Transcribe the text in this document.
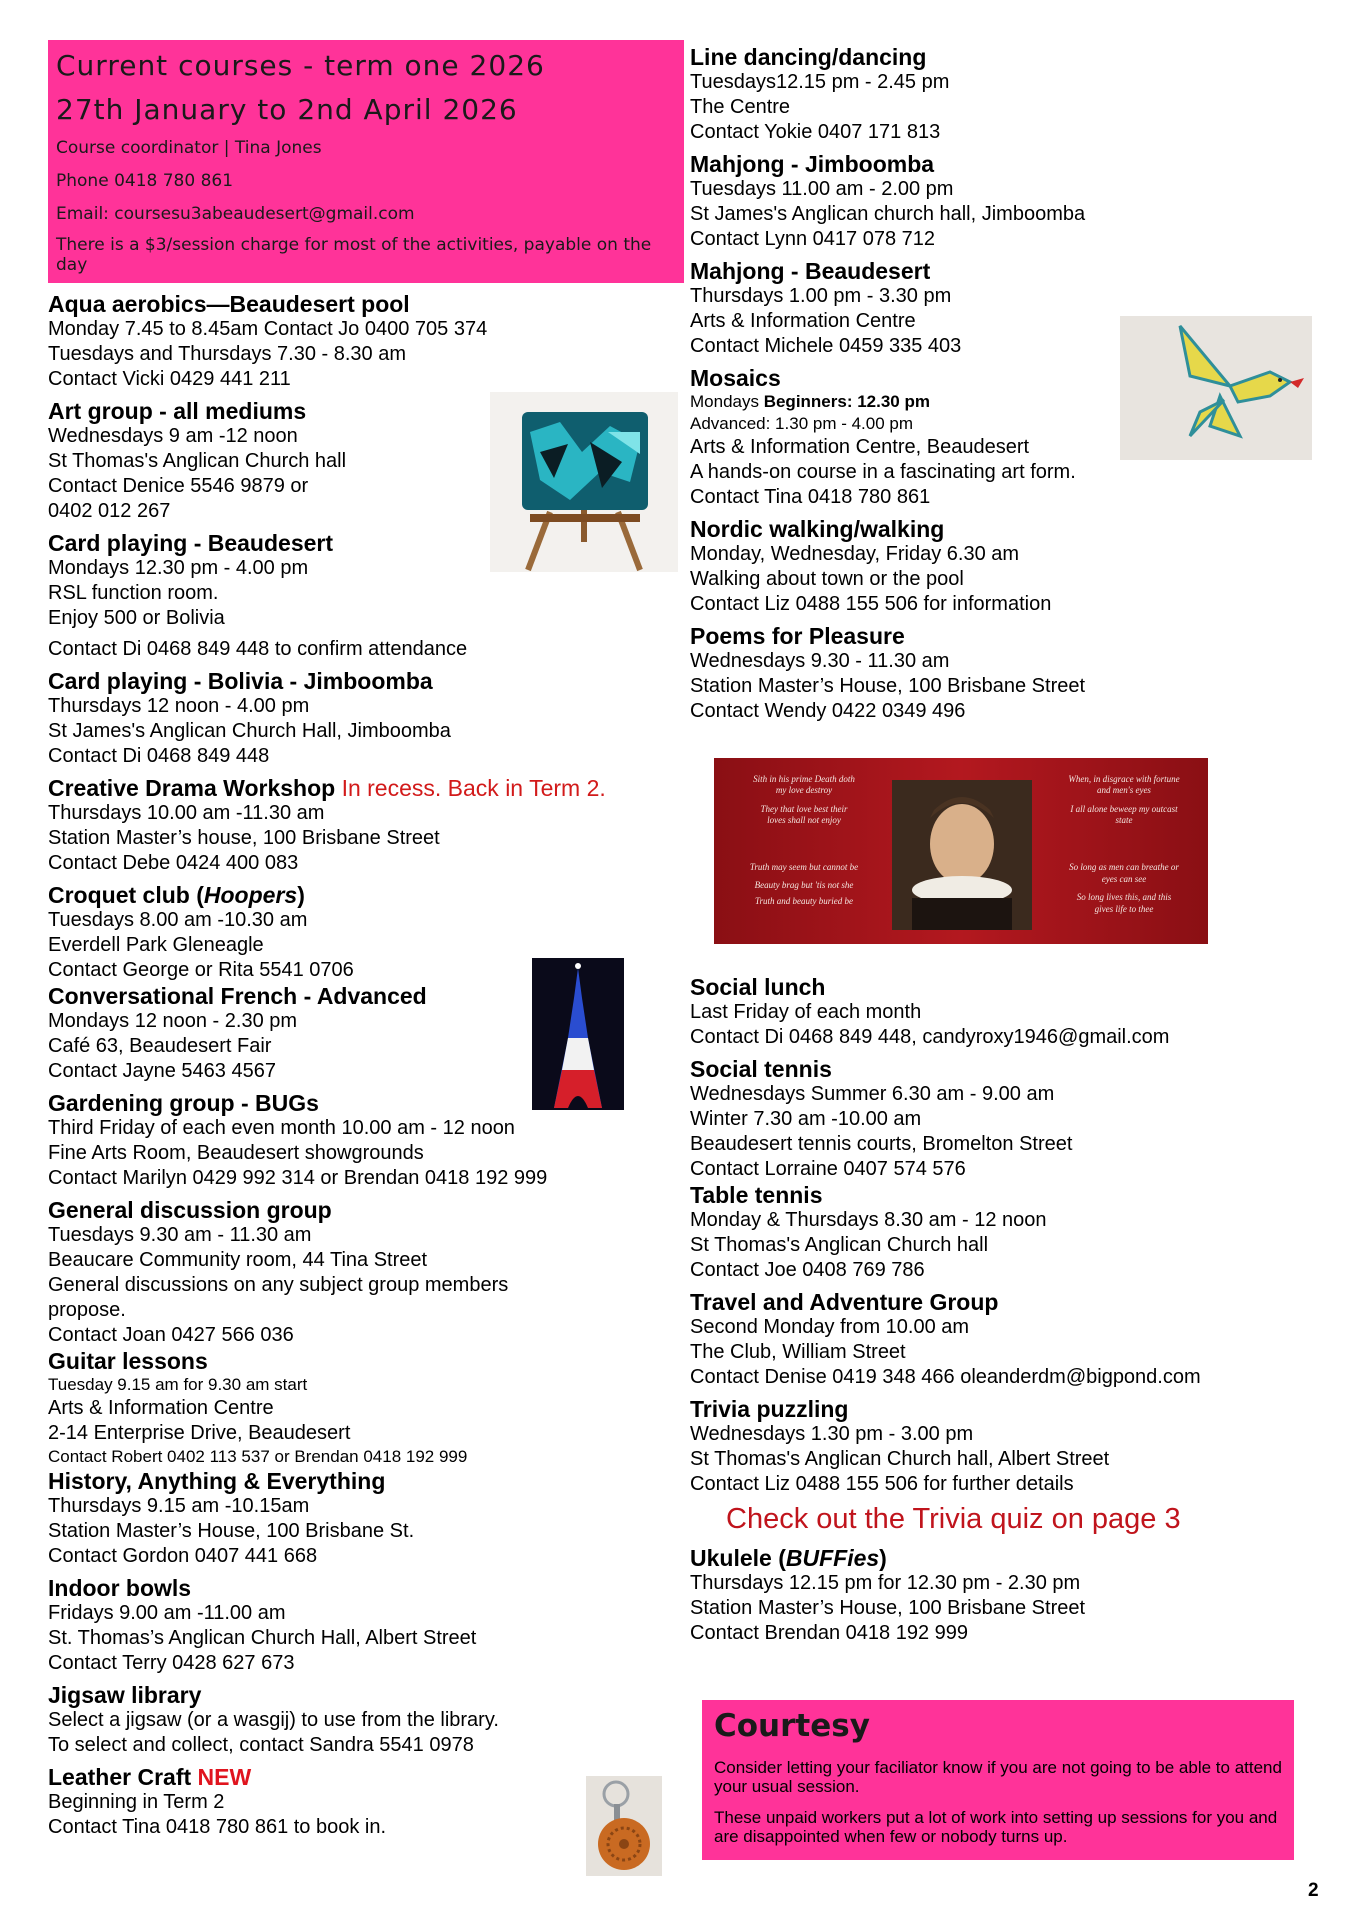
Current courses - term one 2026
27th January to 2nd April 2026
Course coordinator | Tina Jones
Phone 0418 780 861
Email: coursesu3abeaudesert@gmail.com
There is a $3/session charge for most of the activities, payable on the day
Aqua aerobics—Beaudesert pool
Monday 7.45 to 8.45am Contact Jo 0400 705 374
Tuesdays and Thursdays 7.30 - 8.30 am
Contact Vicki 0429 441 211
Art group - all mediums
Wednesdays 9 am -12 noon
St Thomas's Anglican Church hall
Contact Denice 5546 9879 or
0402 012 267
Card playing - Beaudesert
Mondays 12.30 pm - 4.00 pm
RSL function room.
Enjoy 500 or Bolivia
Contact Di 0468 849 448 to confirm attendance
Card playing - Bolivia - Jimboomba
Thursdays 12 noon - 4.00 pm
St James's Anglican Church Hall, Jimboomba
Contact Di 0468 849 448
Creative Drama Workshop In recess. Back in Term 2.
Thursdays 10.00 am -11.30 am
Station Master’s house, 100 Brisbane Street
Contact Debe 0424 400 083
Croquet club (Hoopers)
Tuesdays 8.00 am -10.30 am
Everdell Park Gleneagle
Contact George or Rita 5541 0706
Conversational French - Advanced
Mondays 12 noon - 2.30 pm
Café 63, Beaudesert Fair
Contact Jayne 5463 4567
Gardening group - BUGs
Third Friday of each even month 10.00 am - 12 noon
Fine Arts Room, Beaudesert showgrounds
Contact Marilyn 0429 992 314 or Brendan 0418 192 999
General discussion group
Tuesdays 9.30 am - 11.30 am
Beaucare Community room, 44 Tina Street
General discussions on any subject group members
propose.
Contact Joan 0427 566 036
Guitar lessons
Tuesday 9.15 am for 9.30 am start
Arts & Information Centre
2-14 Enterprise Drive, Beaudesert
Contact Robert 0402 113 537 or Brendan 0418 192 999
History, Anything & Everything
Thursdays 9.15 am -10.15am
Station Master’s House, 100 Brisbane St.
Contact Gordon 0407 441 668
Indoor bowls
Fridays 9.00 am -11.00 am
St. Thomas’s Anglican Church Hall, Albert Street
Contact Terry 0428 627 673
Jigsaw library
Select a jigsaw (or a wasgij) to use from the library.
To select and collect, contact Sandra 5541 0978
Leather Craft NEW
Beginning in Term 2
Contact Tina 0418 780 861 to book in.
Line dancing/dancing
Tuesdays12.15 pm - 2.45 pm
The Centre
Contact Yokie 0407 171 813
Mahjong - Jimboomba
Tuesdays 11.00 am - 2.00 pm
St James's Anglican church hall, Jimboomba
Contact Lynn 0417 078 712
Mahjong - Beaudesert
Thursdays 1.00 pm - 3.30 pm
Arts & Information Centre
Contact Michele 0459 335 403
Mosaics
Mondays Beginners: 12.30 pm
Advanced: 1.30 pm - 4.00 pm
Arts & Information Centre, Beaudesert
A hands-on course in a fascinating art form.
Contact Tina 0418 780 861
Nordic walking/walking
Monday, Wednesday, Friday 6.30 am
Walking about town or the pool
Contact Liz 0488 155 506 for information
Poems for Pleasure
Wednesdays 9.30 - 11.30 am
Station Master’s House, 100 Brisbane Street
Contact Wendy 0422 0349 496
Social lunch
Last Friday of each month
Contact Di 0468 849 448, candyroxy1946@gmail.com
Social tennis
Wednesdays Summer 6.30 am - 9.00 am
Winter 7.30 am -10.00 am
Beaudesert tennis courts, Bromelton Street
Contact Lorraine 0407 574 576
Table tennis
Monday & Thursdays 8.30 am - 12 noon
St Thomas's Anglican Church hall
Contact Joe 0408 769 786
Travel and Adventure Group
Second Monday from 10.00 am
The Club, William Street
Contact Denise 0419 348 466 oleanderdm@bigpond.com
Trivia puzzling
Wednesdays 1.30 pm - 3.00 pm
St Thomas's Anglican Church hall, Albert Street
Contact Liz 0488 155 506 for further details
Check out the Trivia quiz on page 3
Ukulele (BUFFies)
Thursdays 12.15 pm for 12.30 pm - 2.30 pm
Station Master’s House, 100 Brisbane Street
Contact Brendan 0418 192 999
Sith in his prime Death doth
my love destroy
They that love best their
loves shall not enjoy
Truth may seem but cannot be
Beauty brag but 'tis not she
Truth and beauty buried be
When, in disgrace with fortune
and men's eyes
I all alone beweep my outcast
state
So long as men can breathe or
eyes can see
So long lives this, and this
gives life to thee
Courtesy
Consider letting your faciliator know if you are not going to be able to attend your usual session.
These unpaid workers put a lot of work into setting up sessions for you and are disappointed when few or nobody turns up.
2
